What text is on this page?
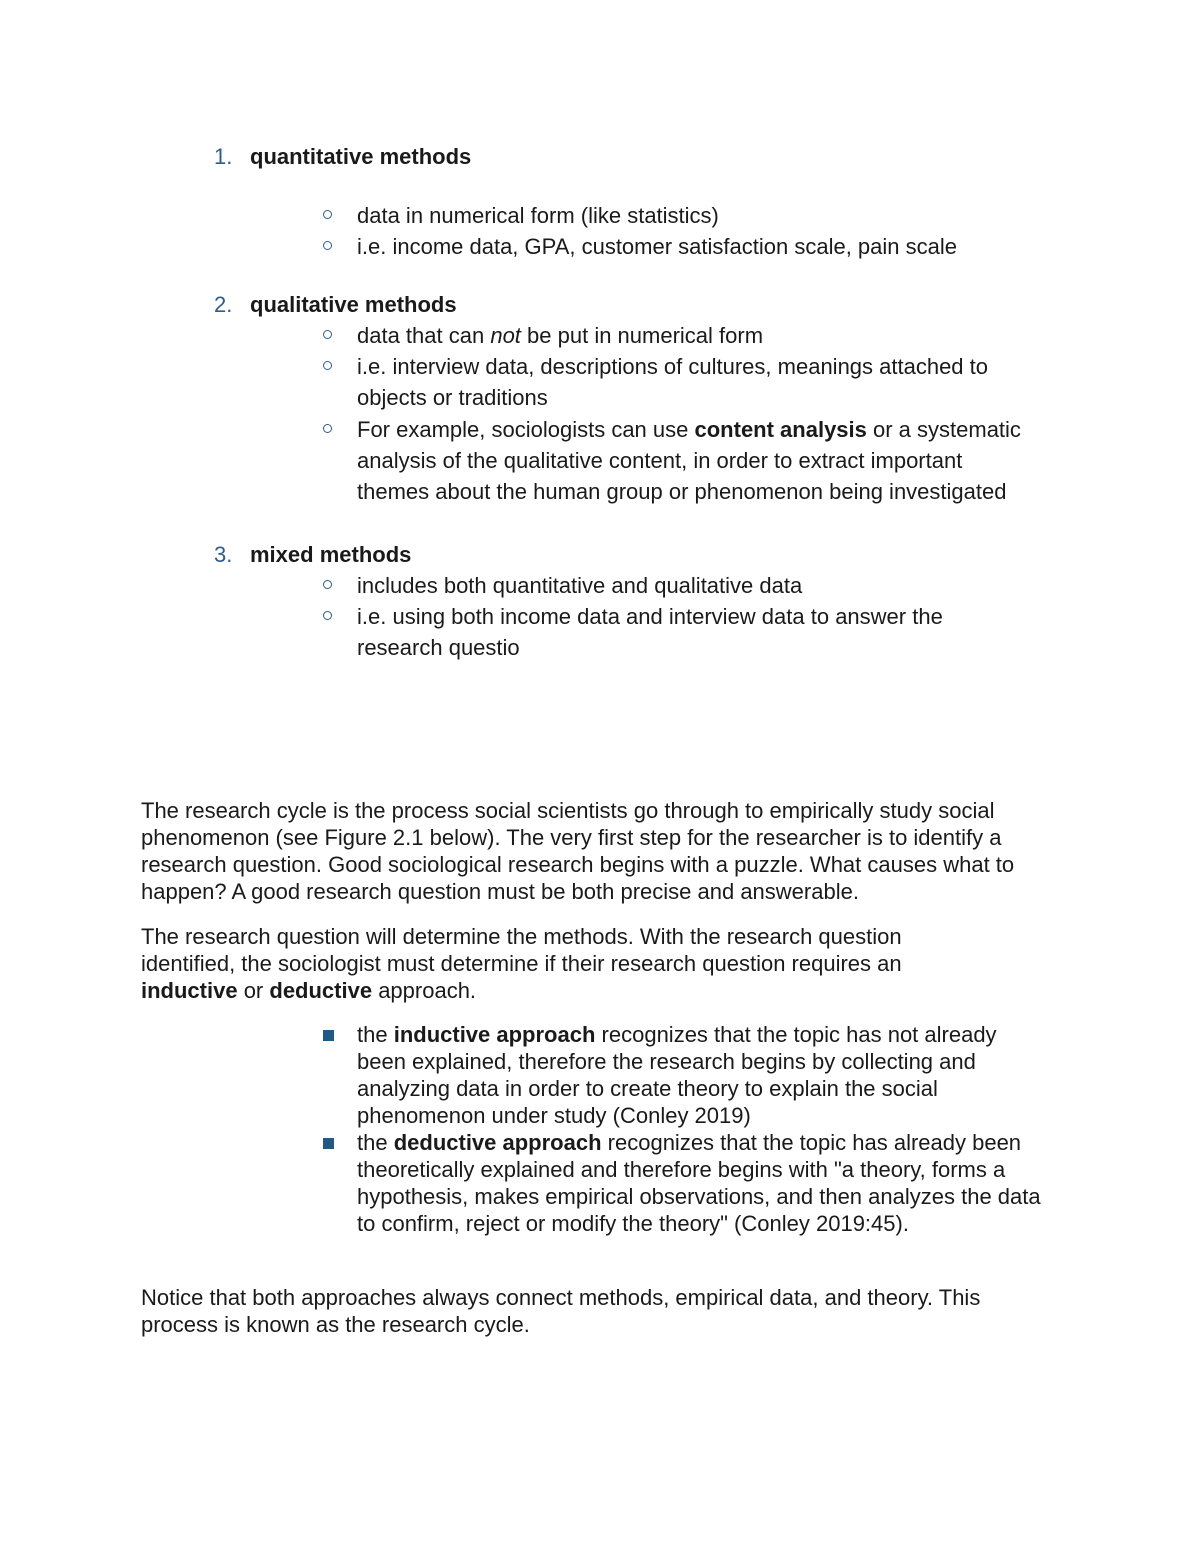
1. quantitative methods
data in numerical form (like statistics)
i.e. income data, GPA, customer satisfaction scale, pain scale
2. qualitative methods
data that can not be put in numerical form
i.e. interview data, descriptions of cultures, meanings attached to objects or traditions
For example, sociologists can use content analysis or a systematic analysis of the qualitative content, in order to extract important themes about the human group or phenomenon being investigated
3. mixed methods
includes both quantitative and qualitative data
i.e. using both income data and interview data to answer the research questio

The research cycle is the process social scientists go through to empirically study social phenomenon (see Figure 2.1 below). The very first step for the researcher is to identify a research question. Good sociological research begins with a puzzle. What causes what to happen? A good research question must be both precise and answerable.

The research question will determine the methods. With the research question identified, the sociologist must determine if their research question requires an inductive or deductive approach.

the inductive approach recognizes that the topic has not already been explained, therefore the research begins by collecting and analyzing data in order to create theory to explain the social phenomenon under study (Conley 2019)
the deductive approach recognizes that the topic has already been theoretically explained and therefore begins with "a theory, forms a hypothesis, makes empirical observations, and then analyzes the data to confirm, reject or modify the theory" (Conley 2019:45).

Notice that both approaches always connect methods, empirical data, and theory. This process is known as the research cycle.
